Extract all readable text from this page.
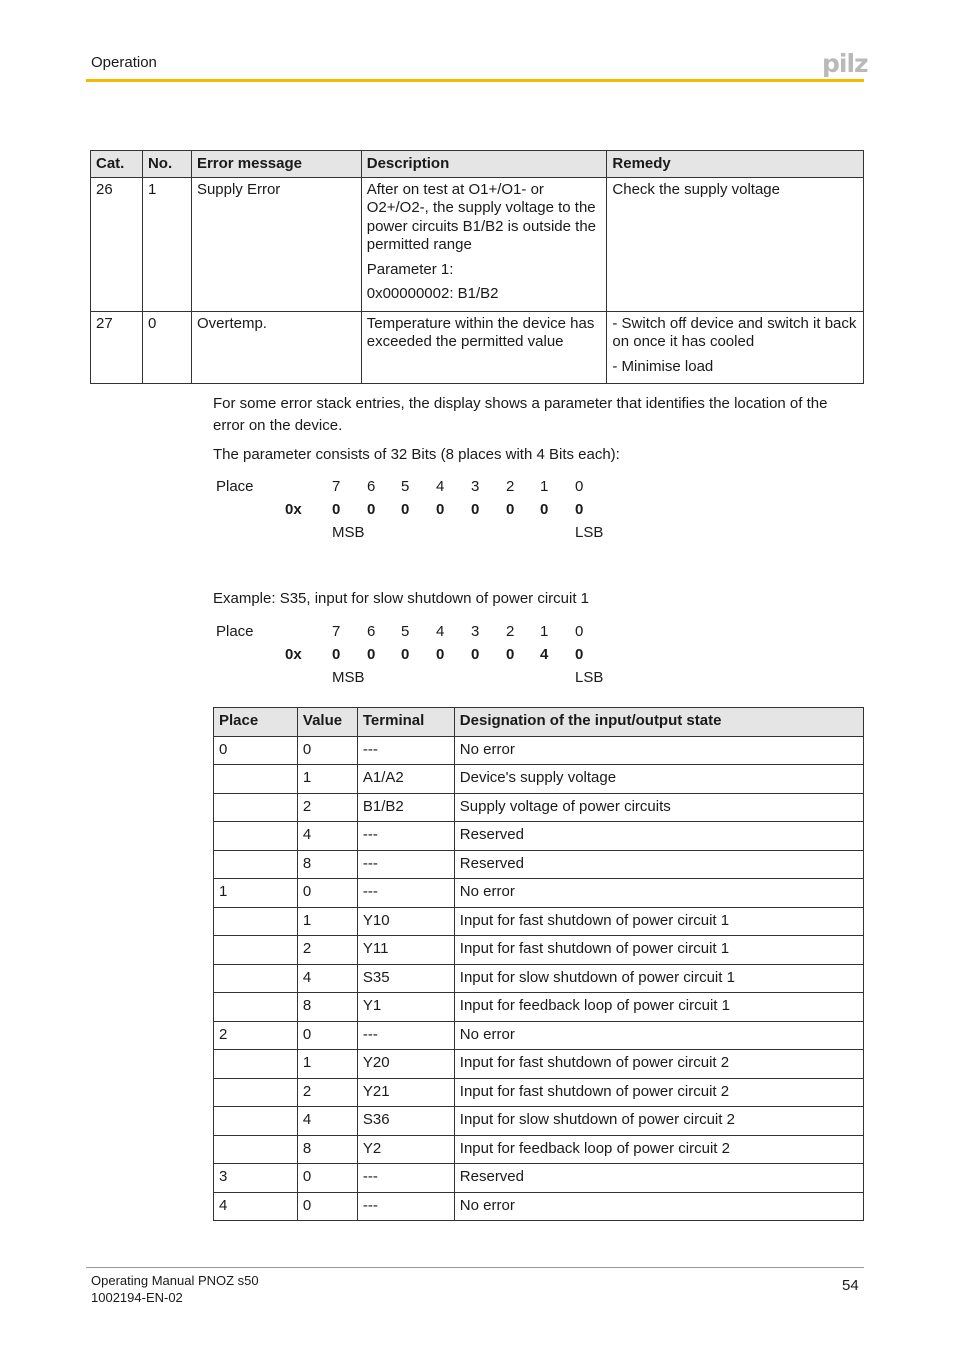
Operation	pilz
Cat.	No.	Error message	Description	Remedy
26	1	Supply Error	After on test at O1+/O1- or O2+/O2-, the supply voltage to the power circuits B1/B2 is outside the permitted range

Parameter 1:

0x00000002: B1/B2	Check the supply voltage

27	0	Overtemp.	Temperature within the device has exceeded the permitted value	- Switch off device and switch it back on once it has cooled

- Minimise load

For some error stack entries, the display shows a parameter that identifies the location of the error on the device.
The parameter consists of 32 Bits (8 places with 4 Bits each):
Place	7 6 5 4 3 2 1 0
0x 0 0 0 0 0 0 0 0
MSB	LSB
Example: S35, input for slow shutdown of power circuit 1
Place	7 6 5 4 3 2 1 0
0x 0 0 0 0 0 0 4 0
MSB	LSB
Place	Value	Terminal	Designation of the input/output state
0	0	---	No error
	1	A1/A2	Device's supply voltage
	2	B1/B2	Supply voltage of power circuits
	4	---	Reserved
	8	---	Reserved
1	0	---	No error
	1	Y10	Input for fast shutdown of power circuit 1
	2	Y11	Input for fast shutdown of power circuit 1
	4	S35	Input for slow shutdown of power circuit 1
	8	Y1	Input for feedback loop of power circuit 1
2	0	---	No error
	1	Y20	Input for fast shutdown of power circuit 2
	2	Y21	Input for fast shutdown of power circuit 2
	4	S36	Input for slow shutdown of power circuit 2
	8	Y2	Input for feedback loop of power circuit 2
3	0	---	Reserved
4	0	---	No error
Operating Manual PNOZ s50
1002194-EN-02
54
